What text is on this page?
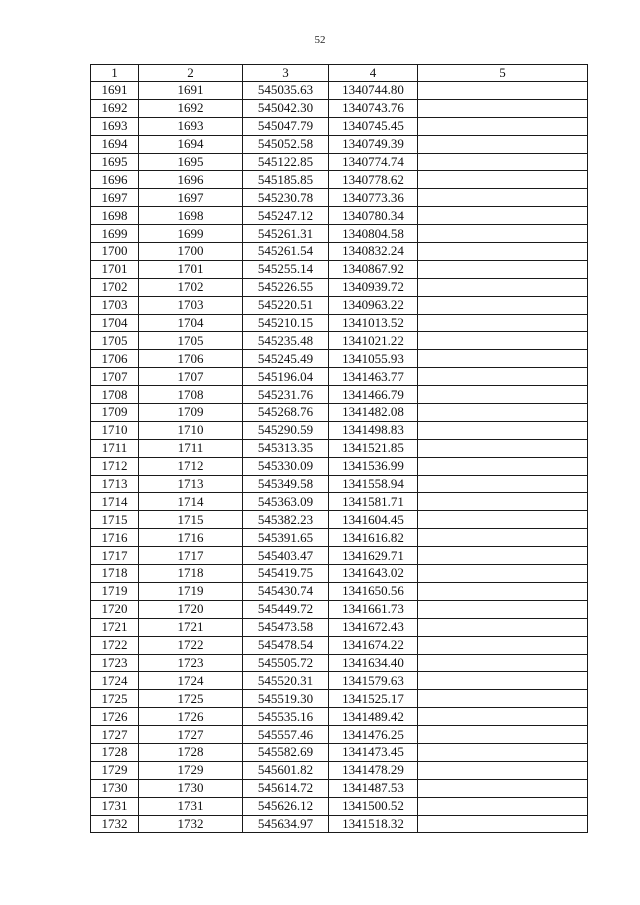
52
1	2	3	4	5
1691	1691	545035.63	1340744.80	
1692	1692	545042.30	1340743.76	
1693	1693	545047.79	1340745.45	
1694	1694	545052.58	1340749.39	
1695	1695	545122.85	1340774.74	
1696	1696	545185.85	1340778.62	
1697	1697	545230.78	1340773.36	
1698	1698	545247.12	1340780.34	
1699	1699	545261.31	1340804.58	
1700	1700	545261.54	1340832.24	
1701	1701	545255.14	1340867.92	
1702	1702	545226.55	1340939.72	
1703	1703	545220.51	1340963.22	
1704	1704	545210.15	1341013.52	
1705	1705	545235.48	1341021.22	
1706	1706	545245.49	1341055.93	
1707	1707	545196.04	1341463.77	
1708	1708	545231.76	1341466.79	
1709	1709	545268.76	1341482.08	
1710	1710	545290.59	1341498.83	
1711	1711	545313.35	1341521.85	
1712	1712	545330.09	1341536.99	
1713	1713	545349.58	1341558.94	
1714	1714	545363.09	1341581.71	
1715	1715	545382.23	1341604.45	
1716	1716	545391.65	1341616.82	
1717	1717	545403.47	1341629.71	
1718	1718	545419.75	1341643.02	
1719	1719	545430.74	1341650.56	
1720	1720	545449.72	1341661.73	
1721	1721	545473.58	1341672.43	
1722	1722	545478.54	1341674.22	
1723	1723	545505.72	1341634.40	
1724	1724	545520.31	1341579.63	
1725	1725	545519.30	1341525.17	
1726	1726	545535.16	1341489.42	
1727	1727	545557.46	1341476.25	
1728	1728	545582.69	1341473.45	
1729	1729	545601.82	1341478.29	
1730	1730	545614.72	1341487.53	
1731	1731	545626.12	1341500.52	
1732	1732	545634.97	1341518.32	
